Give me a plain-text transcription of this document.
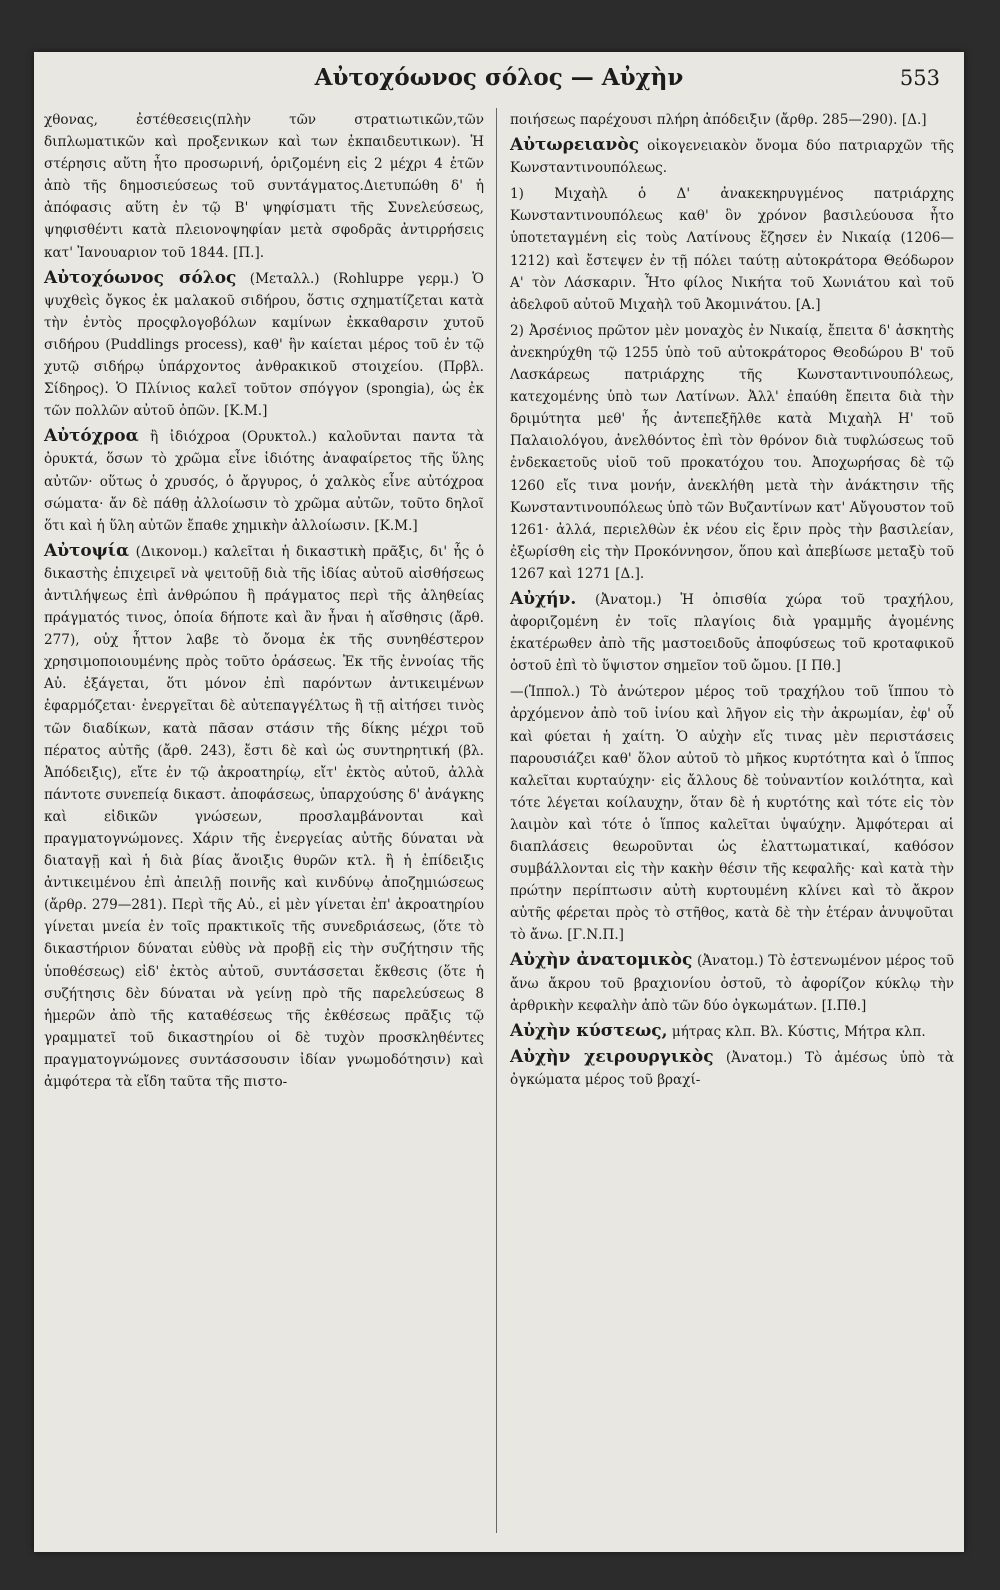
Αὐτοχόωνος σόλος — Αὐχὴν	553

χθονας, ἐστέθεσεις(πλὴν τῶν στρατιωτικῶν,τῶν διπλωματικῶν καὶ προξενικων καὶ των ἐκπαιδευτικων). Ἡ στέρησις αὕτη ἦτο προσωρινή, ὁριζομένη εἰς 2 μέχρι 4 ἐτῶν ἀπὸ τῆς δημοσιεύσεως τοῦ συντάγματος.Διετυπώθη δ' ἡ ἀπόφασις αὕτη ἐν τῷ Β' ψηφίσματι τῆς Συνελεύσεως, ψηφισθέντι κατὰ πλειονοψηφίαν μετὰ σφοδρᾶς ἀντιρρήσεις κατ' Ἰανουαριον τοῦ 1844. [Π.].

Αὐτοχόωνος σόλος (Μεταλλ.) (Rohluppe γερμ.) Ὁ ψυχθεὶς ὄγκος ἐκ μαλακοῦ σιδήρου, ὅστις σχηματίζεται κατὰ τὴν ἐντὸς προςφλογοβόλων καμίνων ἐκκαθαρσιν χυτοῦ σιδήρου (Puddlings process), καθ' ἣν καίεται μέρος τοῦ ἐν τῷ χυτῷ σιδήρῳ ὑπάρχοντος ἀνθρακικοῦ στοιχείου. (Πρβλ. Σίδηρος). Ὁ Πλίνιος καλεῖ τοῦτον σπόγγον (spongia), ὡς ἐκ τῶν πολλῶν αὐτοῦ ὀπῶν. [Κ.Μ.]

Αὐτόχροα ἢ ἰδιόχροα (Ορυκτολ.) καλοῦνται παντα τὰ ὀρυκτά, ὅσων τὸ χρῶμα εἶνε ἰδιότης ἀναφαίρετος τῆς ὕλης αὐτῶν· οὕτως ὁ χρυσός, ὁ ἄργυρος, ὁ χαλκὸς εἶνε αὐτόχροα σώματα· ἄν δὲ πάθῃ ἀλλοίωσιν τὸ χρῶμα αὐτῶν, τοῦτο δηλοῖ ὅτι καὶ ἡ ὕλη αὐτῶν ἔπαθε χημικὴν ἀλλοίωσιν. [Κ.Μ.]

Αὐτοψία (Δικονομ.) καλεῖται ἡ δικαστικὴ πρᾶξις, δι' ἧς ὁ δικαστὴς ἐπιχειρεῖ νὰ ψειτοῦῇ διὰ τῆς ἰδίας αὐτοῦ αἰσθήσεως ἀντιλήψεως ἐπὶ ἀνθρώπου ἢ πράγματος περὶ τῆς ἀληθείας πράγματός τινος, ὁποία δήποτε καὶ ἂν ἦναι ἡ αἴσθησις (ἄρθ. 277), οὐχ ἧττον λαβε τὸ ὄνομα ἐκ τῆς συνηθέστερον χρησιμοποιουμένης πρὸς τοῦτο ὁράσεως. Ἐκ τῆς ἐννοίας τῆς Αὐ. ἐξάγεται, ὅτι μόνον ἐπὶ παρόντων ἀντικειμένων ἐφαρμόζεται· ἐνεργεῖται δὲ αὐτεπαγγέλτως ἢ τῇ αἰτήσει τινὸς τῶν διαδίκων, κατὰ πᾶσαν στάσιν τῆς δίκης μέχρι τοῦ πέρατος αὐτῆς (ἄρθ. 243), ἔστι δὲ καὶ ὡς συντηρητική (βλ. Ἀπόδειξις), εἴτε ἐν τῷ ἀκροατηρίῳ, εἴτ' ἐκτὸς αὐτοῦ, ἀλλὰ πάντοτε συνεπείᾳ δικαστ. ἀποφάσεως, ὑπαρχούσης δ' ἀνάγκης καὶ εἰδικῶν γνώσεων, προσλαμβάνονται καὶ πραγματογνώμονες. Χάριν τῆς ἐνεργείας αὐτῆς δύναται νὰ διαταγῇ καὶ ἡ διὰ βίας ἄνοιξις θυρῶν κτλ. ἢ ἡ ἐπίδειξις ἀντικειμένου ἐπὶ ἀπειλῇ ποινῆς καὶ κινδύνῳ ἀποζημιώσεως (ἄρθρ. 279—281). Περὶ τῆς Αὐ., εἰ μὲν γίνεται ἐπ' ἀκροατηρίου γίνεται μνεία ἐν τοῖς πρακτικοῖς τῆς συνεδριάσεως, (ὅτε τὸ δικαστήριον δύναται εὐθὺς νὰ προβῇ εἰς τὴν συζήτησιν τῆς ὑποθέσεως) εἰδ' ἐκτὸς αὐτοῦ, συντάσσεται ἔκθεσις (ὅτε ἡ συζήτησις δὲν δύναται νὰ γείνῃ πρὸ τῆς παρελεύσεως 8 ἡμερῶν ἀπὸ τῆς καταθέσεως τῆς ἐκθέσεως πρᾶξις τῷ γραμματεῖ τοῦ δικαστηρίου οἱ δὲ τυχὸν προσκληθέντες πραγματογνώμονες συντάσσουσιν ἰδίαν γνωμοδότησιν) καὶ ἀμφότερα τὰ εἴδη ταῦτα τῆς πιστο-

ποιήσεως παρέχουσι πλήρη ἀπόδειξιν (ἄρθρ. 285—290). [Δ.]

Αὐτωρειανὸς οἰκογενειακὸν ὄνομα δύο πατριαρχῶν τῆς Κωνσταντινουπόλεως.

1) Μιχαὴλ ὁ Δ' ἀνακεκηρυγμένος πατριάρχης Κωνσταντινουπόλεως καθ' ὃν χρόνον βασιλεύουσα ἦτο ὑποτεταγμένη εἰς τοὺς Λατίνους ἔζησεν ἐν Νικαίᾳ (1206—1212) καὶ ἔστεψεν ἐν τῇ πόλει ταύτῃ αὐτοκράτορα Θεόδωρον Α' τὸν Λάσκαριν. Ἦτο φίλος Νικήτα τοῦ Χωνιάτου καὶ τοῦ ἀδελφοῦ αὐτοῦ Μιχαὴλ τοῦ Ἀκομινάτου. [Α.]

2) Ἀρσένιος πρῶτον μὲν μοναχὸς ἐν Νικαίᾳ, ἔπειτα δ' ἀσκητὴς ἀνεκηρύχθη τῷ 1255 ὑπὸ τοῦ αὐτοκράτορος Θεοδώρου Β' τοῦ Λασκάρεως πατριάρχης τῆς Κωνσταντινουπόλεως, κατεχομένης ὑπὸ των Λατίνων. Ἀλλ' ἐπαύθη ἔπειτα διὰ τὴν δριμύτητα μεθ' ἧς ἀντεπεξῆλθε κατὰ Μιχαὴλ Η' τοῦ Παλαιολόγου, ἀνελθόντος ἐπὶ τὸν θρόνον διὰ τυφλώσεως τοῦ ἐνδεκαετοῦς υἱοῦ τοῦ προκατόχου του. Ἀποχωρήσας δὲ τῷ 1260 εἴς τινα μονήν, ἀνεκλήθη μετὰ τὴν ἀνάκτησιν τῆς Κωνσταντινουπόλεως ὑπὸ τῶν Βυζαντίνων κατ' Αὔγουστον τοῦ 1261· ἀλλά, περιελθὼν ἐκ νέου εἰς ἔριν πρὸς τὴν βασιλείαν, ἐξωρίσθη εἰς τὴν Προκόννησον, ὅπου καὶ ἀπεβίωσε μεταξὺ τοῦ 1267 καὶ 1271 [Δ.].

Αὐχήν. (Ἀνατομ.) Ἡ ὀπισθία χώρα τοῦ τραχήλου, ἀφοριζομένη ἐν τοῖς πλαγίοις διὰ γραμμῆς ἀγομένης ἑκατέρωθεν ἀπὸ τῆς μαστοειδοῦς ἀποφύσεως τοῦ κροταφικοῦ ὀστοῦ ἐπὶ τὸ ὕψιστον σημεῖον τοῦ ὤμου. [Ι Πθ.]

—(Ἱππολ.) Τὸ ἀνώτερον μέρος τοῦ τραχήλου τοῦ ἵππου τὸ ἀρχόμενον ἀπὸ τοῦ ἰνίου καὶ λῆγον εἰς τὴν ἀκρωμίαν, ἐφ' οὗ καὶ φύεται ἡ χαίτη. Ὁ αὐχὴν εἴς τινας μὲν περιστάσεις παρουσιάζει καθ' ὅλον αὐτοῦ τὸ μῆκος κυρτότητα καὶ ὁ ἵππος καλεῖται κυρταύχην· εἰς ἄλλους δὲ τοὐναντίον κοιλότητα, καὶ τότε λέγεται κοίλαυχην, ὅταν δὲ ἡ κυρτότης καὶ τότε εἰς τὸν λαιμὸν καὶ τότε ὁ ἵππος καλεῖται ὑψαύχην. Ἀμφότεραι αἱ διαπλάσεις θεωροῦνται ὡς ἐλαττωματικαί, καθόσον συμβάλλονται εἰς τὴν κακὴν θέσιν τῆς κεφαλῆς· καὶ κατὰ τὴν πρώτην περίπτωσιν αὐτὴ κυρτουμένη κλίνει καὶ τὸ ἄκρον αὐτῆς φέρεται πρὸς τὸ στῆθος, κατὰ δὲ τὴν ἑτέραν ἀνυψοῦται τὸ ἄνω. [Γ.Ν.Π.]

Αὐχὴν ἀνατομικὸς (Ἀνατομ.) Τὸ ἐστενωμένον μέρος τοῦ ἄνω ἄκρου τοῦ βραχιονίου ὀστοῦ, τὸ ἀφορίζον κύκλῳ τὴν ἀρθρικὴν κεφαλὴν ἀπὸ τῶν δύο ὀγκωμάτων. [Ι.Πθ.]

Αὐχὴν κύστεως, μήτρας κλπ. Βλ. Κύστις, Μήτρα κλπ.

Αὐχὴν χειρουργικὸς (Ἀνατομ.) Τὸ ἀμέσως ὑπὸ τὰ ὀγκώματα μέρος τοῦ βραχί-
